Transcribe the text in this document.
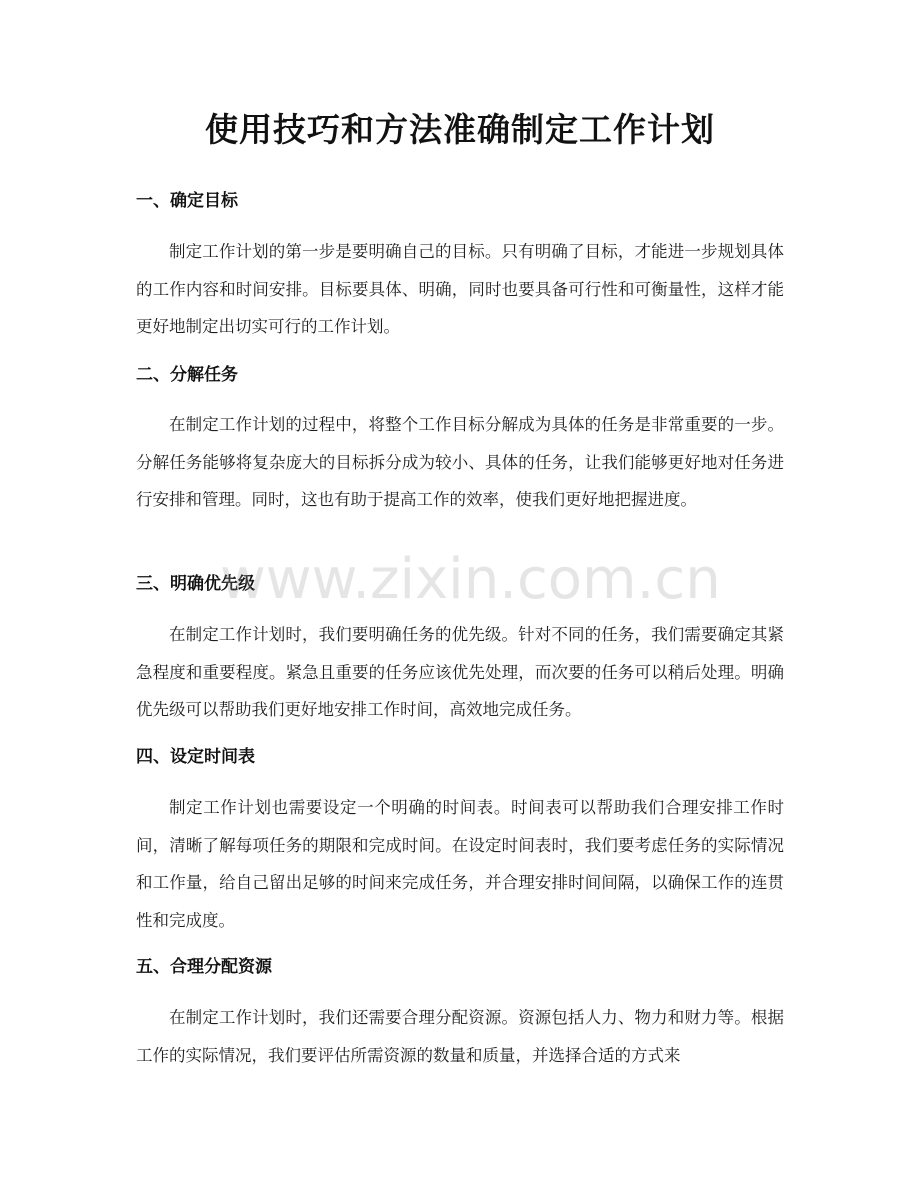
使用技巧和方法准确制定工作计划
一、确定目标

制定工作计划的第一步是要明确自己的目标。只有明确了目标，才能进一步规划具体的工作内容和时间安排。目标要具体、明确，同时也要具备可行性和可衡量性，这样才能更好地制定出切实可行的工作计划。

二、分解任务

在制定工作计划的过程中，将整个工作目标分解成为具体的任务是非常重要的一步。分解任务能够将复杂庞大的目标拆分成为较小、具体的任务，让我们能够更好地对任务进行安排和管理。同时，这也有助于提高工作的效率，使我们更好地把握进度。

三、明确优先级

在制定工作计划时，我们要明确任务的优先级。针对不同的任务，我们需要确定其紧急程度和重要程度。紧急且重要的任务应该优先处理，而次要的任务可以稍后处理。明确优先级可以帮助我们更好地安排工作时间，高效地完成任务。

四、设定时间表

制定工作计划也需要设定一个明确的时间表。时间表可以帮助我们合理安排工作时间，清晰了解每项任务的期限和完成时间。在设定时间表时，我们要考虑任务的实际情况和工作量，给自己留出足够的时间来完成任务，并合理安排时间间隔，以确保工作的连贯性和完成度。

五、合理分配资源

在制定工作计划时，我们还需要合理分配资源。资源包括人力、物力和财力等。根据工作的实际情况，我们要评估所需资源的数量和质量，并选择合适的方式来

www.zixin.com.cn
